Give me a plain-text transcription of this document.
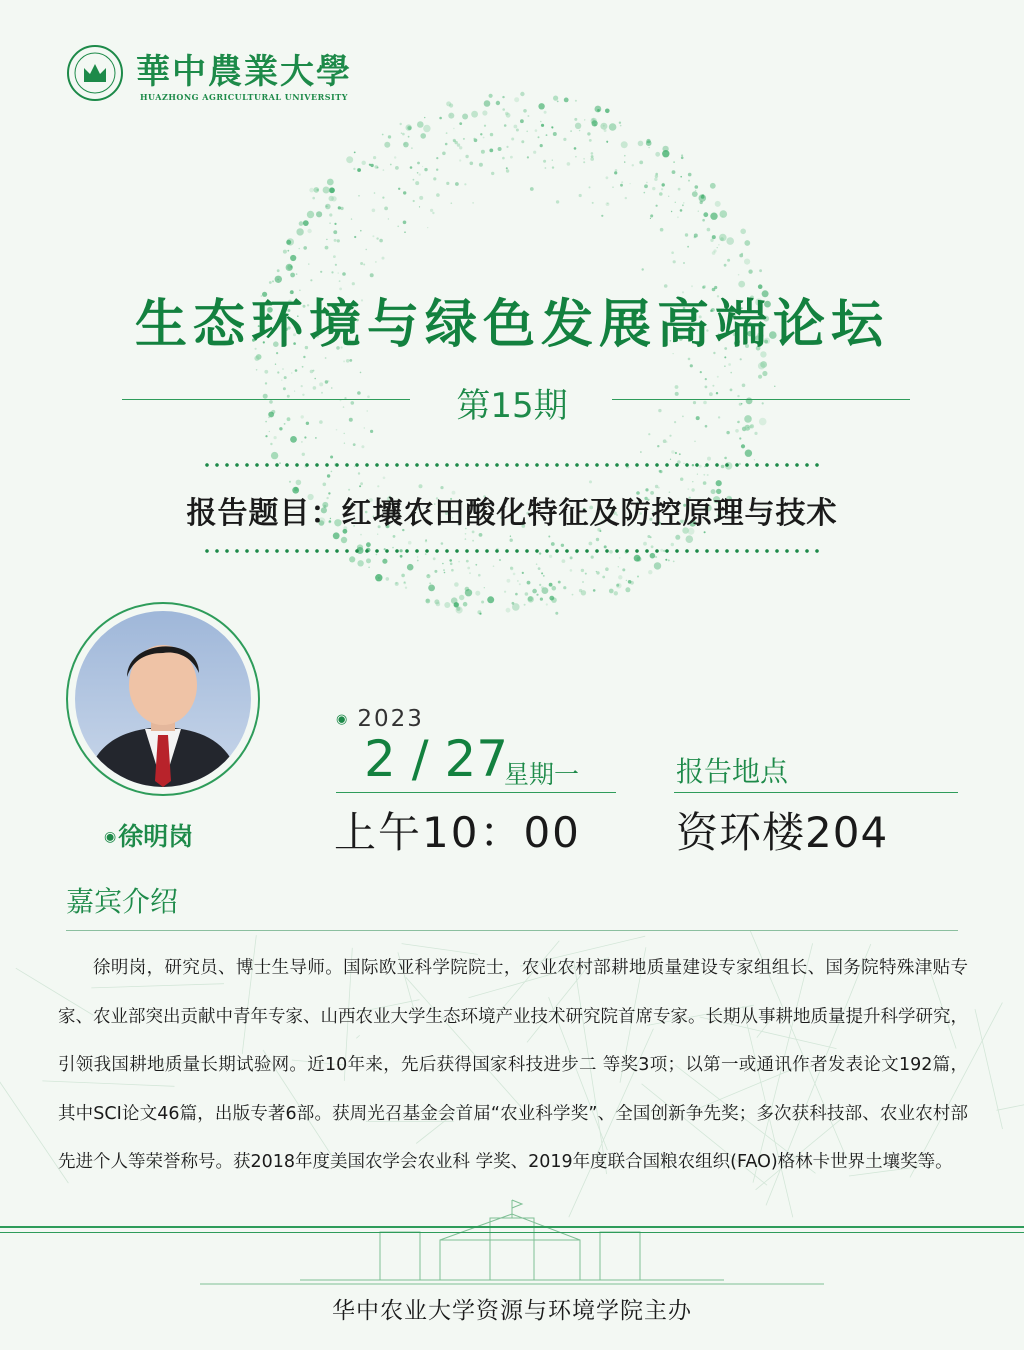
華中農業大學
HUAZHONG AGRICULTURAL UNIVERSITY
生态环境与绿色发展高端论坛
第15期
报告题目：红壤农田酸化特征及防控原理与技术
◉徐明岗
◉ 2023
2 / 27
星期一
上午10：00
报告地点
资环楼204
嘉宾介绍
徐明岗，研究员、博士生导师。国际欧亚科学院院士，农业农村部耕地质量建设专家组组长、国务院特殊津贴专家、农业部突出贡献中青年专家、山西农业大学生态环境产业技术研究院首席专家。长期从事耕地质量提升科学研究，引领我国耕地质量长期试验网。近10年来，先后获得国家科技进步二 等奖3项；以第一或通讯作者发表论文192篇，其中SCI论文46篇，出版专著6部。获周光召基金会首届“农业科学奖”、全国创新争先奖；多次获科技部、农业农村部先进个人等荣誉称号。获2018年度美国农学会农业科 学奖、2019年度联合国粮农组织(FAO)格林卡世界土壤奖等。
华中农业大学资源与环境学院主办
